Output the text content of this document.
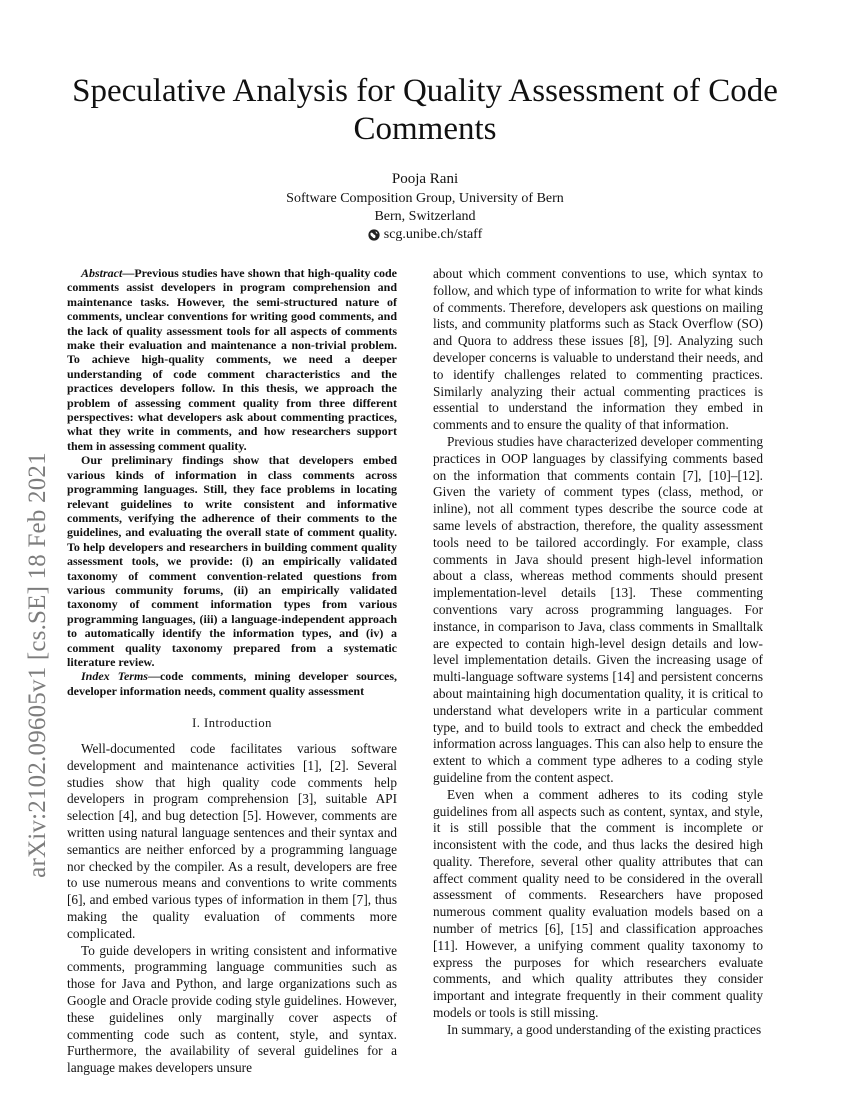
arXiv:2102.09605v1 [cs.SE] 18 Feb 2021
Speculative Analysis for Quality Assessment of Code Comments
Pooja Rani
Software Composition Group, University of Bern
Bern, Switzerland
scg.unibe.ch/staff

Abstract—Previous studies have shown that high-quality code comments assist developers in program comprehension and maintenance tasks. However, the semi-structured nature of comments, unclear conventions for writing good comments, and the lack of quality assessment tools for all aspects of comments make their evaluation and maintenance a non-trivial problem. To achieve high-quality comments, we need a deeper understanding of code comment characteristics and the practices developers follow. In this thesis, we approach the problem of assessing comment quality from three different perspectives: what developers ask about commenting practices, what they write in comments, and how researchers support them in assessing comment quality.

Our preliminary findings show that developers embed various kinds of information in class comments across programming languages. Still, they face problems in locating relevant guidelines to write consistent and informative comments, verifying the adherence of their comments to the guidelines, and evaluating the overall state of comment quality. To help developers and researchers in building comment quality assessment tools, we provide: (i) an empirically validated taxonomy of comment convention-related questions from various community forums, (ii) an empirically validated taxonomy of comment information types from various programming languages, (iii) a language-independent approach to automatically identify the information types, and (iv) a comment quality taxonomy prepared from a systematic literature review.

Index Terms—code comments, mining developer sources, developer information needs, comment quality assessment

I. Introduction

Well-documented code facilitates various software development and maintenance activities [1], [2]. Several studies show that high quality code comments help developers in program comprehension [3], suitable API selection [4], and bug detection [5]. However, comments are written using natural language sentences and their syntax and semantics are neither enforced by a programming language nor checked by the compiler. As a result, developers are free to use numerous means and conventions to write comments [6], and embed various types of information in them [7], thus making the quality evaluation of comments more complicated.

To guide developers in writing consistent and informative comments, programming language communities such as those for Java and Python, and large organizations such as Google and Oracle provide coding style guidelines. However, these guidelines only marginally cover aspects of commenting code such as content, style, and syntax. Furthermore, the availability of several guidelines for a language makes developers unsure

about which comment conventions to use, which syntax to follow, and which type of information to write for what kinds of comments. Therefore, developers ask questions on mailing lists, and community platforms such as Stack Overflow (SO) and Quora to address these issues [8], [9]. Analyzing such developer concerns is valuable to understand their needs, and to identify challenges related to commenting practices. Similarly analyzing their actual commenting practices is essential to understand the information they embed in comments and to ensure the quality of that information.

Previous studies have characterized developer commenting practices in OOP languages by classifying comments based on the information that comments contain [7], [10]–[12]. Given the variety of comment types (class, method, or inline), not all comment types describe the source code at same levels of abstraction, therefore, the quality assessment tools need to be tailored accordingly. For example, class comments in Java should present high-level information about a class, whereas method comments should present implementation-level details [13]. These commenting conventions vary across programming languages. For instance, in comparison to Java, class comments in Smalltalk are expected to contain high-level design details and low-level implementation details. Given the increasing usage of multi-language software systems [14] and persistent concerns about maintaining high documentation quality, it is critical to understand what developers write in a particular comment type, and to build tools to extract and check the embedded information across languages. This can also help to ensure the extent to which a comment type adheres to a coding style guideline from the content aspect.

Even when a comment adheres to its coding style guidelines from all aspects such as content, syntax, and style, it is still possible that the comment is incomplete or inconsistent with the code, and thus lacks the desired high quality. Therefore, several other quality attributes that can affect comment quality need to be considered in the overall assessment of comments. Researchers have proposed numerous comment quality evaluation models based on a number of metrics [6], [15] and classification approaches [11]. However, a unifying comment quality taxonomy to express the purposes for which researchers evaluate comments, and which quality attributes they consider important and integrate frequently in their comment quality models or tools is still missing.

In summary, a good understanding of the existing practices
